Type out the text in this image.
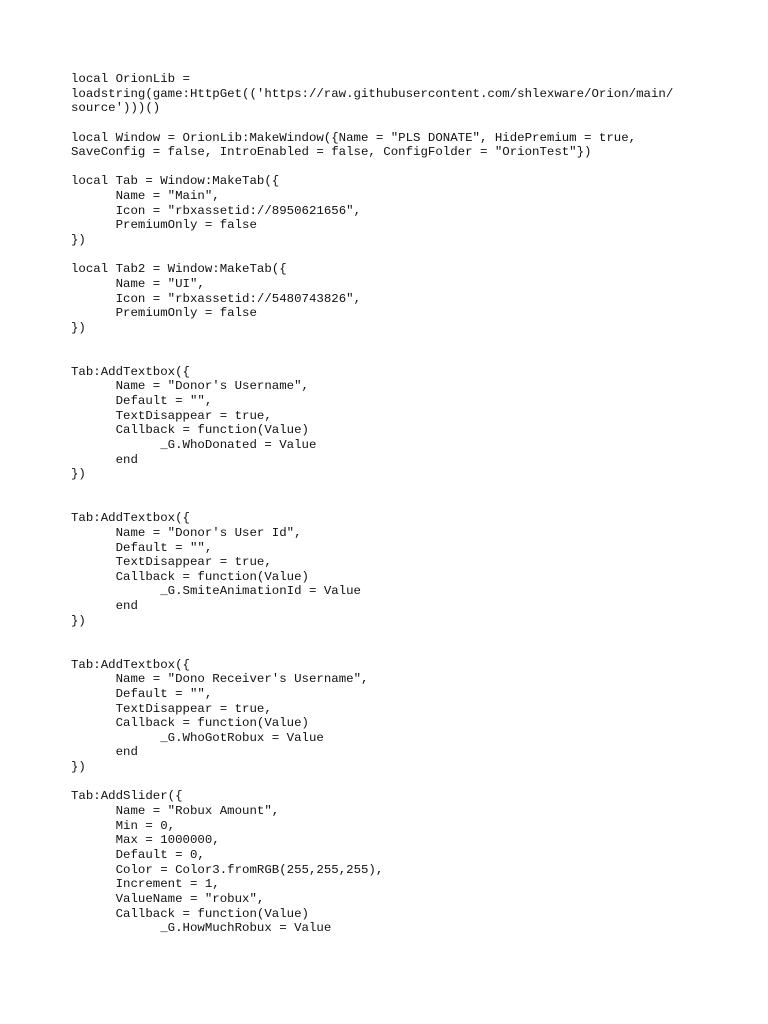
local OrionLib =
loadstring(game:HttpGet(('https://raw.githubusercontent.com/shlexware/Orion/main/
source')))()
local Window = OrionLib:MakeWindow({Name = "PLS DONATE", HidePremium = true,
SaveConfig = false, IntroEnabled = false, ConfigFolder = "OrionTest"})
local Tab = Window:MakeTab({
	Name = "Main",
	Icon = "rbxassetid://8950621656",
	PremiumOnly = false
})
local Tab2 = Window:MakeTab({
	Name = "UI",
	Icon = "rbxassetid://5480743826",
	PremiumOnly = false
})
Tab:AddTextbox({
	Name = "Donor's Username",
	Default = "",
	TextDisappear = true,
	Callback = function(Value)
		_G.WhoDonated = Value
	end
})
Tab:AddTextbox({
	Name = "Donor's User Id",
	Default = "",
	TextDisappear = true,
	Callback = function(Value)
		_G.SmiteAnimationId = Value
	end
})
Tab:AddTextbox({
	Name = "Dono Receiver's Username",
	Default = "",
	TextDisappear = true,
	Callback = function(Value)
		_G.WhoGotRobux = Value
	end
})
Tab:AddSlider({
	Name = "Robux Amount",
	Min = 0,
	Max = 1000000,
	Default = 0,
	Color = Color3.fromRGB(255,255,255),
	Increment = 1,
	ValueName = "robux",
	Callback = function(Value)
		_G.HowMuchRobux = Value
